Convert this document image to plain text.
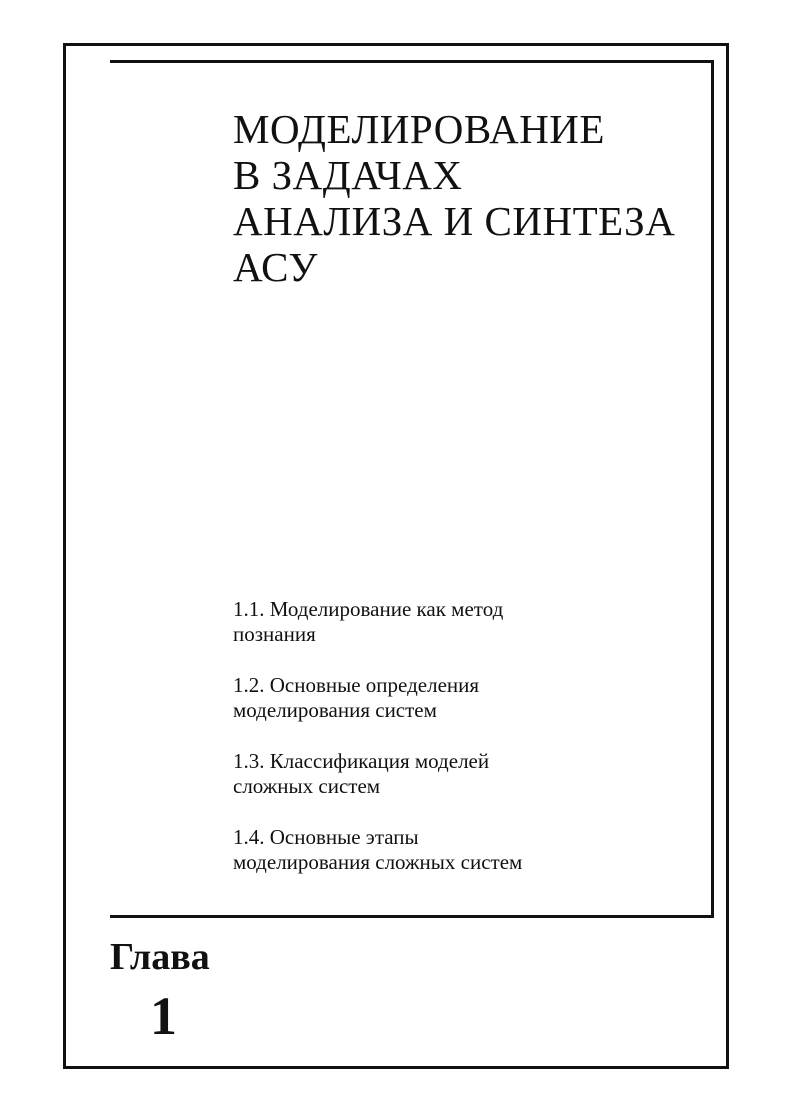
МОДЕЛИРОВАНИЕ
В ЗАДАЧАХ
АНАЛИЗА И СИНТЕЗА
АСУ
1.1. Моделирование как метод
познания
1.2. Основные определения
моделирования систем
1.3. Классификация моделей
сложных систем
1.4. Основные этапы
моделирования сложных систем
Глава
1
